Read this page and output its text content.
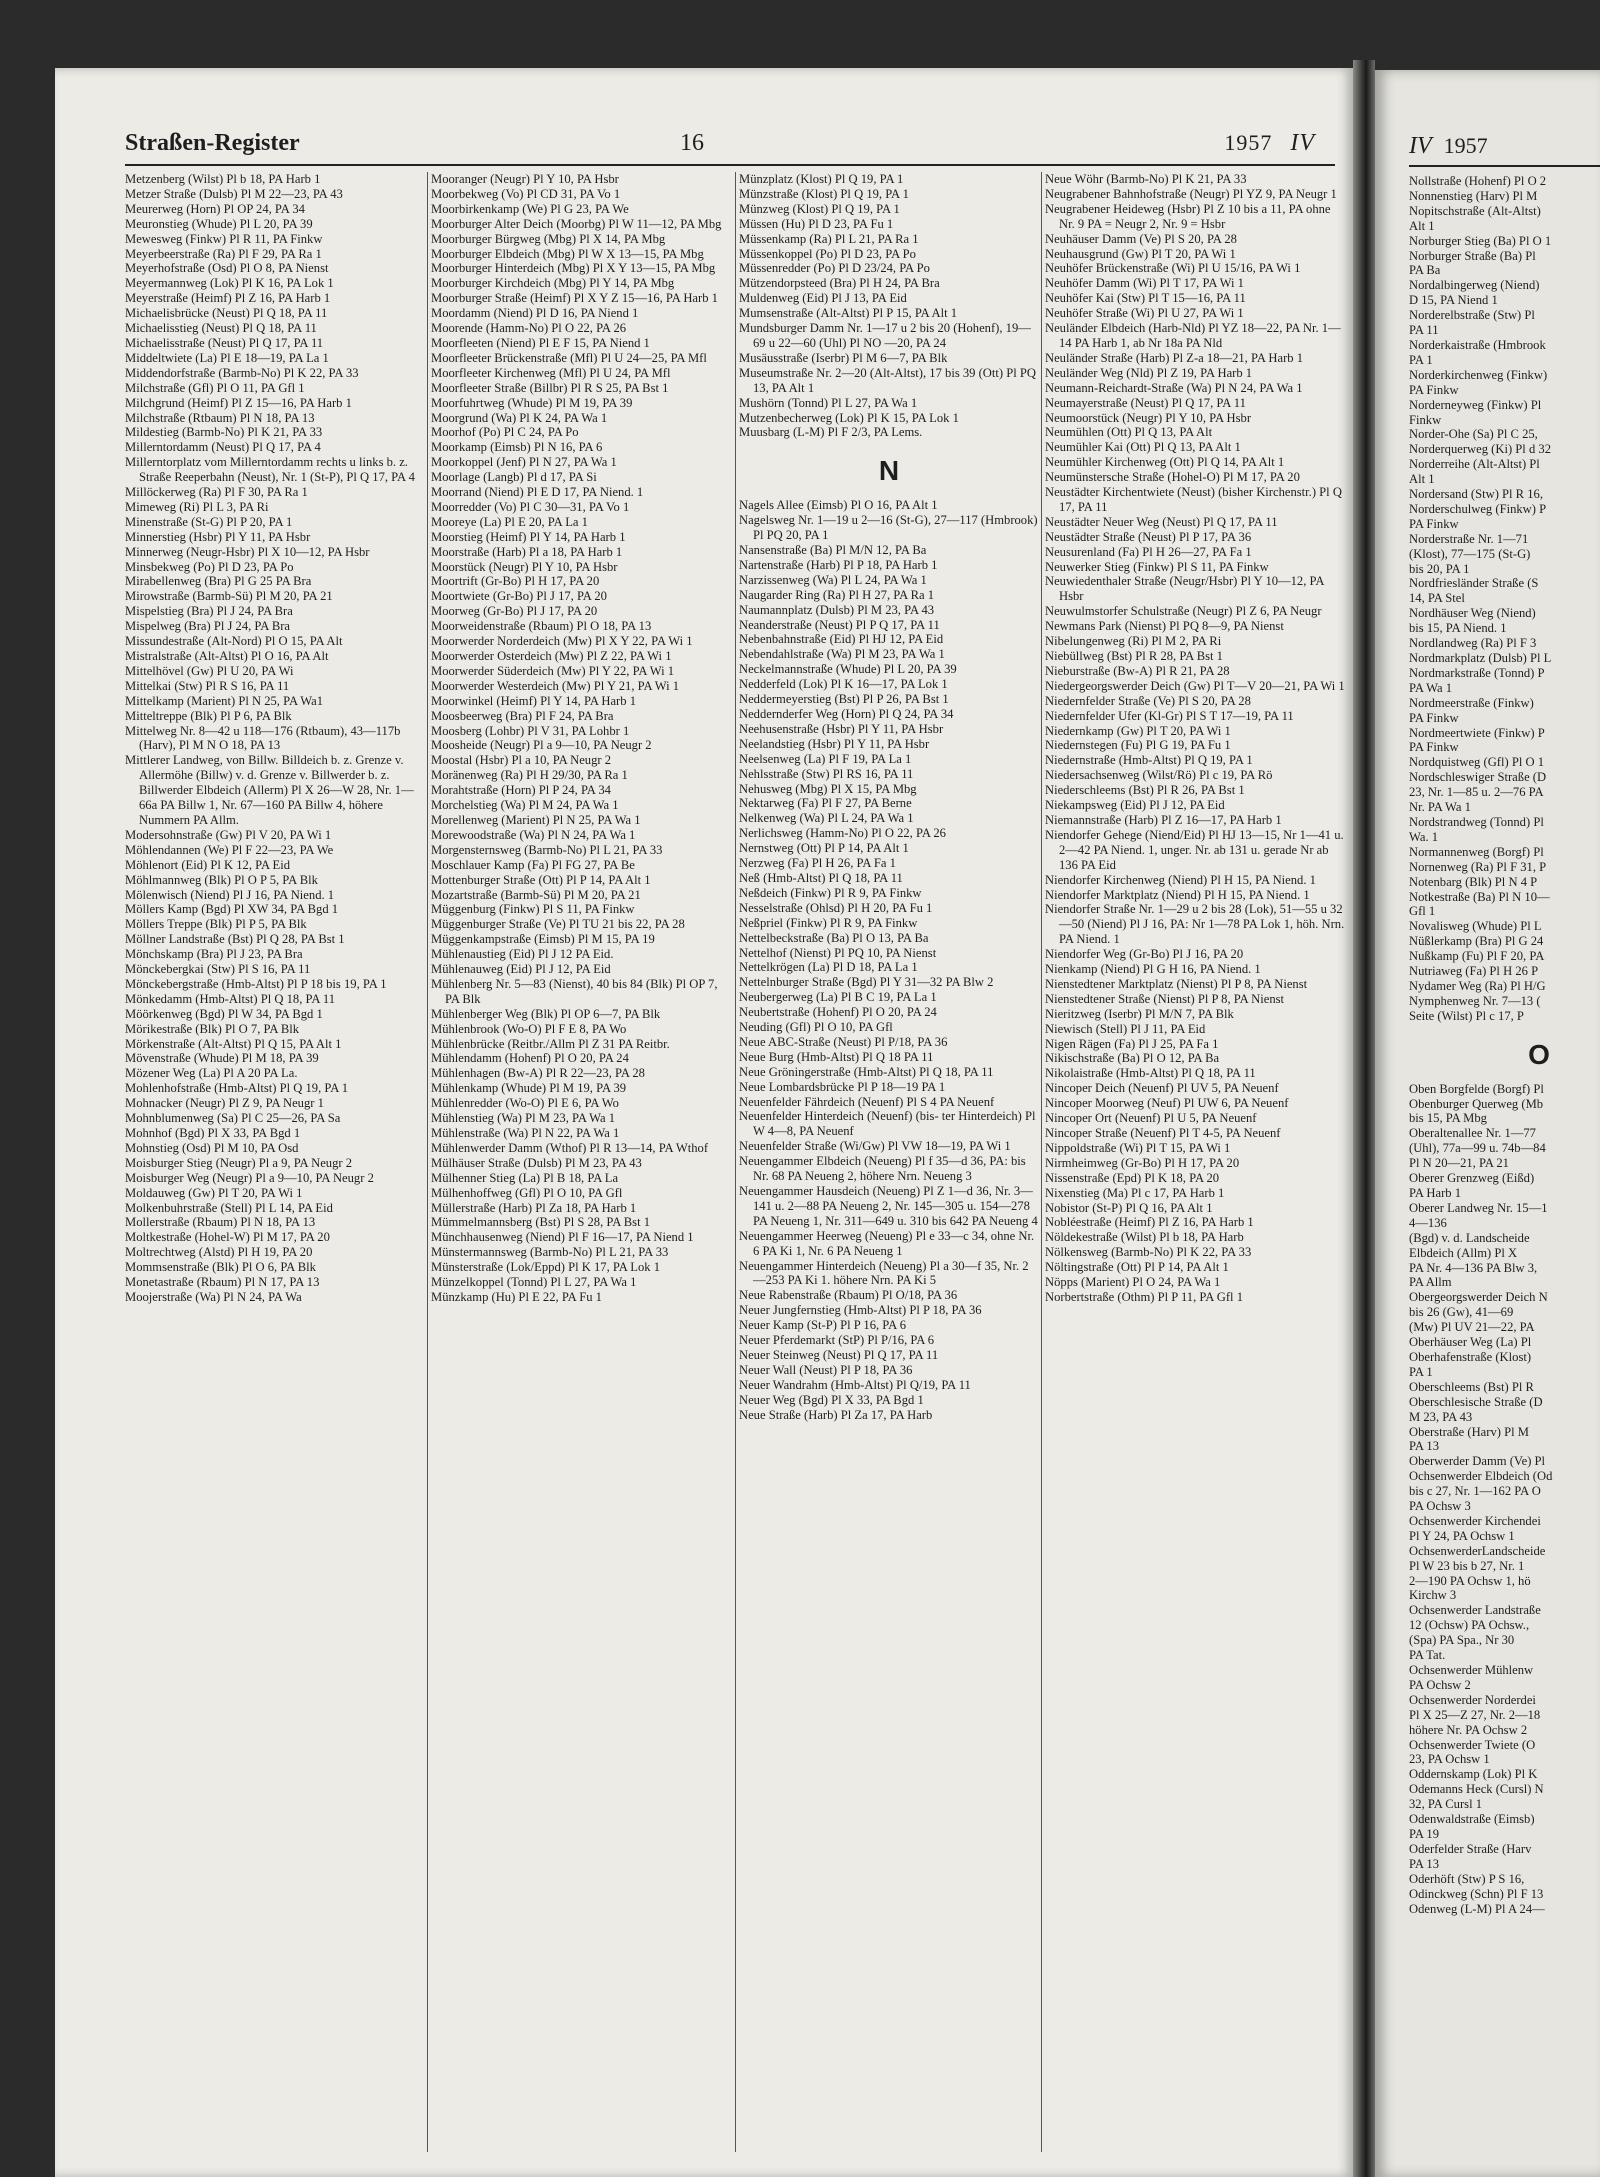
Straßen-Register	16	1957 IV
Metzenberg (Wilst) Pl b 18, PA Harb 1
Metzer Straße (Dulsb) Pl M 22—23, PA 43
Meurerweg (Horn) Pl OP 24, PA 34
Meuronstieg (Whude) Pl L 20, PA 39
Mewesweg (Finkw) Pl R 11, PA Finkw
Meyerbeerstraße (Ra) Pl F 29, PA Ra 1
Meyerhofstraße (Osd) Pl O 8, PA Nienst
Meyermannweg (Lok) Pl K 16, PA Lok 1
Meyerstraße (Heimf) Pl Z 16, PA Harb 1
Michaelisbrücke (Neust) Pl Q 18, PA 11
Michaelisstieg (Neust) Pl Q 18, PA 11
Michaelisstraße (Neust) Pl Q 17, PA 11
Middeltwiete (La) Pl E 18—19, PA La 1
Middendorfstraße (Barmb-No) Pl K 22, PA 33
Milchstraße (Gfl) Pl O 11, PA Gfl 1
Milchgrund (Heimf) Pl Z 15—16, PA Harb 1
Milchstraße (Rtbaum) Pl N 18, PA 13
Mildestieg (Barmb-No) Pl K 21, PA 33
Millerntordamm (Neust) Pl Q 17, PA 4
Millerntorplatz vom Millerntordamm rechts u links b. z. Straße Reeperbahn (Neust), Nr. 1 (St-P), Pl Q 17, PA 4
Millöckerweg (Ra) Pl F 30, PA Ra 1
Mimeweg (Ri) Pl L 3, PA Ri
Minenstraße (St-G) Pl P 20, PA 1
Minnerstieg (Hsbr) Pl Y 11, PA Hsbr
Minnerweg (Neugr-Hsbr) Pl X 10—12, PA Hsbr
Minsbekweg (Po) Pl D 23, PA Po
Mirabellenweg (Bra) Pl G 25 PA Bra
Mirowstraße (Barmb-Sü) Pl M 20, PA 21
Mispelstieg (Bra) Pl J 24, PA Bra
Mispelweg (Bra) Pl J 24, PA Bra
Missundestraße (Alt-Nord) Pl O 15, PA Alt
Mistralstraße (Alt-Altst) Pl O 16, PA Alt
Mittelhövel (Gw) Pl U 20, PA Wi
Mittelkai (Stw) Pl R S 16, PA 11
Mittelkamp (Marient) Pl N 25, PA Wa1
Mitteltreppe (Blk) Pl P 6, PA Blk
Mittelweg Nr. 8—42 u 118—176 (Rtbaum), 43—117b (Harv), Pl M N O 18, PA 13
Mittlerer Landweg, von Billw. Billdeich b. z. Grenze v. Allermöhe (Billw) v. d. Grenze v. Billwerder b. z. Billwerder Elbdeich (Allerm) Pl X 26—W 28, Nr. 1—66a PA Billw 1, Nr. 67—160 PA Billw 4, höhere Nummern PA Allm.
Modersohnstraße (Gw) Pl V 20, PA Wi 1
Möhlendannen (We) Pl F 22—23, PA We
Möhlenort (Eid) Pl K 12, PA Eid
Möhlmannweg (Blk) Pl O P 5, PA Blk
Mölenwisch (Niend) Pl J 16, PA Niend. 1
Möllers Kamp (Bgd) Pl XW 34, PA Bgd 1
Möllers Treppe (Blk) Pl P 5, PA Blk
Möllner Landstraße (Bst) Pl Q 28, PA Bst 1
Mönchskamp (Bra) Pl J 23, PA Bra
Mönckebergkai (Stw) Pl S 16, PA 11
Mönckebergstraße (Hmb-Altst) Pl P 18 bis 19, PA 1
Mönkedamm (Hmb-Altst) Pl Q 18, PA 11
Möörkenweg (Bgd) Pl W 34, PA Bgd 1
Mörikestraße (Blk) Pl O 7, PA Blk
Mörkenstraße (Alt-Altst) Pl Q 15, PA Alt 1
Mövenstraße (Whude) Pl M 18, PA 39
Mözener Weg (La) Pl A 20 PA La.
Mohlenhofstraße (Hmb-Altst) Pl Q 19, PA 1
Mohnacker (Neugr) Pl Z 9, PA Neugr 1
Mohnblumenweg (Sa) Pl C 25—26, PA Sa
Mohnhof (Bgd) Pl X 33, PA Bgd 1
Mohnstieg (Osd) Pl M 10, PA Osd
Moisburger Stieg (Neugr) Pl a 9, PA Neugr 2
Moisburger Weg (Neugr) Pl a 9—10, PA Neugr 2
Moldauweg (Gw) Pl T 20, PA Wi 1
Molkenbuhrstraße (Stell) Pl L 14, PA Eid
Mollerstraße (Rbaum) Pl N 18, PA 13
Moltkestraße (Hohel-W) Pl M 17, PA 20
Moltrechtweg (Alstd) Pl H 19, PA 20
Mommsenstraße (Blk) Pl O 6, PA Blk
Monetastraße (Rbaum) Pl N 17, PA 13
Moojerstraße (Wa) Pl N 24, PA Wa
Mooranger (Neugr) Pl Y 10, PA Hsbr
Moorbekweg (Vo) Pl CD 31, PA Vo 1
Moorbirkenkamp (We) Pl G 23, PA We
Moorburger Alter Deich (Moorbg) Pl W 11—12, PA Mbg
Moorburger Bürgweg (Mbg) Pl X 14, PA Mbg
Moorburger Elbdeich (Mbg) Pl W X 13—15, PA Mbg
Moorburger Hinterdeich (Mbg) Pl X Y 13—15, PA Mbg
Moorburger Kirchdeich (Mbg) Pl Y 14, PA Mbg
Moorburger Straße (Heimf) Pl X Y Z 15—16, PA Harb 1
Moordamm (Niend) Pl D 16, PA Niend 1
Moorende (Hamm-No) Pl O 22, PA 26
Moorfleeten (Niend) Pl E F 15, PA Niend 1
Moorfleeter Brückenstraße (Mfl) Pl U 24—25, PA Mfl
Moorfleeter Kirchenweg (Mfl) Pl U 24, PA Mfl
Moorfleeter Straße (Billbr) Pl R S 25, PA Bst 1
Moorfuhrtweg (Whude) Pl M 19, PA 39
Moorgrund (Wa) Pl K 24, PA Wa 1
Moorhof (Po) Pl C 24, PA Po
Moorkamp (Eimsb) Pl N 16, PA 6
Moorkoppel (Jenf) Pl N 27, PA Wa 1
Moorlage (Langb) Pl d 17, PA Si
Moorrand (Niend) Pl E D 17, PA Niend. 1
Moorredder (Vo) Pl C 30—31, PA Vo 1
Mooreye (La) Pl E 20, PA La 1
Moorstieg (Heimf) Pl Y 14, PA Harb 1
Moorstraße (Harb) Pl a 18, PA Harb 1
Moorstück (Neugr) Pl Y 10, PA Hsbr
Moortrift (Gr-Bo) Pl H 17, PA 20
Moortwiete (Gr-Bo) Pl J 17, PA 20
Moorweg (Gr-Bo) Pl J 17, PA 20
Moorweidenstraße (Rbaum) Pl O 18, PA 13
Moorwerder Norderdeich (Mw) Pl X Y 22, PA Wi 1
Moorwerder Osterdeich (Mw) Pl Z 22, PA Wi 1
Moorwerder Süderdeich (Mw) Pl Y 22, PA Wi 1
Moorwerder Westerdeich (Mw) Pl Y 21, PA Wi 1
Moorwinkel (Heimf) Pl Y 14, PA Harb 1
Moosbeerweg (Bra) Pl F 24, PA Bra
Moosberg (Lohbr) Pl V 31, PA Lohbr 1
Moosheide (Neugr) Pl a 9—10, PA Neugr 2
Moostal (Hsbr) Pl a 10, PA Neugr 2
Moränenweg (Ra) Pl H 29/30, PA Ra 1
Morahtstraße (Horn) Pl P 24, PA 34
Morchelstieg (Wa) Pl M 24, PA Wa 1
Morellenweg (Marient) Pl N 25, PA Wa 1
Morewoodstraße (Wa) Pl N 24, PA Wa 1
Morgensternsweg (Barmb-No) Pl L 21, PA 33
Moschlauer Kamp (Fa) Pl FG 27, PA Be
Mottenburger Straße (Ott) Pl P 14, PA Alt 1
Mozartstraße (Barmb-Sü) Pl M 20, PA 21
Müggenburg (Finkw) Pl S 11, PA Finkw
Müggenburger Straße (Ve) Pl TU 21 bis 22, PA 28
Müggenkampstraße (Eimsb) Pl M 15, PA 19
Mühlenaustieg (Eid) Pl J 12 PA Eid.
Mühlenauweg (Eid) Pl J 12, PA Eid
Mühlenberg Nr. 5—83 (Nienst), 40 bis 84 (Blk) Pl OP 7, PA Blk
Mühlenberger Weg (Blk) Pl OP 6—7, PA Blk
Mühlenbrook (Wo-O) Pl F E 8, PA Wo
Mühlenbrücke (Reitbr./Allm Pl Z 31 PA Reitbr.
Mühlendamm (Hohenf) Pl O 20, PA 24
Mühlenhagen (Bw-A) Pl R 22—23, PA 28
Mühlenkamp (Whude) Pl M 19, PA 39
Mühlenredder (Wo-O) Pl E 6, PA Wo
Mühlenstieg (Wa) Pl M 23, PA Wa 1
Mühlenstraße (Wa) Pl N 22, PA Wa 1
Mühlenwerder Damm (Wthof) Pl R 13—14, PA Wthof
Mülhäuser Straße (Dulsb) Pl M 23, PA 43
Mülhenner Stieg (La) Pl B 18, PA La
Mülhenhoffweg (Gfl) Pl O 10, PA Gfl
Müllerstraße (Harb) Pl Za 18, PA Harb 1
Mümmelmannsberg (Bst) Pl S 28, PA Bst 1
Münchhausenweg (Niend) Pl F 16—17, PA Niend 1
Münstermannsweg (Barmb-No) Pl L 21, PA 33
Münsterstraße (Lok/Eppd) Pl K 17, PA Lok 1
Münzelkoppel (Tonnd) Pl L 27, PA Wa 1
Münzkamp (Hu) Pl E 22, PA Fu 1
Münzplatz (Klost) Pl Q 19, PA 1
Münzstraße (Klost) Pl Q 19, PA 1
Münzweg (Klost) Pl Q 19, PA 1
Müssen (Hu) Pl D 23, PA Fu 1
Müssenkamp (Ra) Pl L 21, PA Ra 1
Müssenkoppel (Po) Pl D 23, PA Po
Müssenredder (Po) Pl D 23/24, PA Po
Mützendorpsteed (Bra) Pl H 24, PA Bra
Muldenweg (Eid) Pl J 13, PA Eid
Mumsenstraße (Alt-Altst) Pl P 15, PA Alt 1
Mundsburger Damm Nr. 1—17 u 2 bis 20 (Hohenf), 19—69 u 22—60 (Uhl) Pl NO —20, PA 24
Musäusstraße (Iserbr) Pl M 6—7, PA Blk
Museumstraße Nr. 2—20 (Alt-Altst), 17 bis 39 (Ott) Pl PQ 13, PA Alt 1
Mushörn (Tonnd) Pl L 27, PA Wa 1
Mutzenbecherweg (Lok) Pl K 15, PA Lok 1
Muusbarg (L-M) Pl F 2/3, PA Lems.
N
Nagels Allee (Eimsb) Pl O 16, PA Alt 1
Nagelsweg Nr. 1—19 u 2—16 (St-G), 27—117 (Hmbrook) Pl PQ 20, PA 1
Nansenstraße (Ba) Pl M/N 12, PA Ba
Nartenstraße (Harb) Pl P 18, PA Harb 1
Narzissenweg (Wa) Pl L 24, PA Wa 1
Naugarder Ring (Ra) Pl H 27, PA Ra 1
Naumannplatz (Dulsb) Pl M 23, PA 43
Neanderstraße (Neust) Pl P Q 17, PA 11
Nebenbahnstraße (Eid) Pl HJ 12, PA Eid
Nebendahlstraße (Wa) Pl M 23, PA Wa 1
Neckelmannstraße (Whude) Pl L 20, PA 39
Nedderfeld (Lok) Pl K 16—17, PA Lok 1
Neddermeyerstieg (Bst) Pl P 26, PA Bst 1
Neddernderfer Weg (Horn) Pl Q 24, PA 34
Neehusenstraße (Hsbr) Pl Y 11, PA Hsbr
Neelandstieg (Hsbr) Pl Y 11, PA Hsbr
Neelsenweg (La) Pl F 19, PA La 1
Nehlsstraße (Stw) Pl RS 16, PA 11
Nehusweg (Mbg) Pl X 15, PA Mbg
Nektarweg (Fa) Pl F 27, PA Berne
Nelkenweg (Wa) Pl L 24, PA Wa 1
Nerlichsweg (Hamm-No) Pl O 22, PA 26
Nernstweg (Ott) Pl P 14, PA Alt 1
Nerzweg (Fa) Pl H 26, PA Fa 1
Neß (Hmb-Altst) Pl Q 18, PA 11
Neßdeich (Finkw) Pl R 9, PA Finkw
Nesselstraße (Ohlsd) Pl H 20, PA Fu 1
Neßpriel (Finkw) Pl R 9, PA Finkw
Nettelbeckstraße (Ba) Pl O 13, PA Ba
Nettelhof (Nienst) Pl PQ 10, PA Nienst
Nettelkrögen (La) Pl D 18, PA La 1
Nettelnburger Straße (Bgd) Pl Y 31—32 PA Blw 2
Neubergerweg (La) Pl B C 19, PA La 1
Neubertstraße (Hohenf) Pl O 20, PA 24
Neuding (Gfl) Pl O 10, PA Gfl
Neue ABC-Straße (Neust) Pl P/18, PA 36
Neue Burg (Hmb-Altst) Pl Q 18 PA 11
Neue Gröningerstraße (Hmb-Altst) Pl Q 18, PA 11
Neue Lombardsbrücke Pl P 18—19 PA 1
Neuenfelder Fährdeich (Neuenf) Pl S 4 PA Neuenf
Neuenfelder Hinterdeich (Neuenf) (bis- ter Hinterdeich) Pl W 4—8, PA Neuenf
Neuenfelder Straße (Wi/Gw) Pl VW 18—19, PA Wi 1
Neuengammer Elbdeich (Neueng) Pl f 35—d 36, PA: bis Nr. 68 PA Neueng 2, höhere Nrn. Neueng 3
Neuengammer Hausdeich (Neueng) Pl Z 1—d 36, Nr. 3—141 u. 2—88 PA Neueng 2, Nr. 145—305 u. 154—278 PA Neueng 1, Nr. 311—649 u. 310 bis 642 PA Neueng 4
Neuengammer Heerweg (Neueng) Pl e 33—c 34, ohne Nr. 6 PA Ki 1, Nr. 6 PA Neueng 1
Neuengammer Hinterdeich (Neueng) Pl a 30—f 35, Nr. 2—253 PA Ki 1. höhere Nrn. PA Ki 5
Neue Rabenstraße (Rbaum) Pl O/18, PA 36
Neuer Jungfernstieg (Hmb-Altst) Pl P 18, PA 36
Neuer Kamp (St-P) Pl P 16, PA 6
Neuer Pferdemarkt (StP) Pl P/16, PA 6
Neuer Steinweg (Neust) Pl Q 17, PA 11
Neuer Wall (Neust) Pl P 18, PA 36
Neuer Wandrahm (Hmb-Altst) Pl Q/19, PA 11
Neuer Weg (Bgd) Pl X 33, PA Bgd 1
Neue Straße (Harb) Pl Za 17, PA Harb
Neue Wöhr (Barmb-No) Pl K 21, PA 33
Neugrabener Bahnhofstraße (Neugr) Pl YZ 9, PA Neugr 1
Neugrabener Heideweg (Hsbr) Pl Z 10 bis a 11, PA ohne Nr. 9 PA = Neugr 2, Nr. 9 = Hsbr
Neuhäuser Damm (Ve) Pl S 20, PA 28
Neuhausgrund (Gw) Pl T 20, PA Wi 1
Neuhöfer Brückenstraße (Wi) Pl U 15/16, PA Wi 1
Neuhöfer Damm (Wi) Pl T 17, PA Wi 1
Neuhöfer Kai (Stw) Pl T 15—16, PA 11
Neuhöfer Straße (Wi) Pl U 27, PA Wi 1
Neuländer Elbdeich (Harb-Nld) Pl YZ 18—22, PA Nr. 1—14 PA Harb 1, ab Nr 18a PA Nld
Neuländer Straße (Harb) Pl Z-a 18—21, PA Harb 1
Neuländer Weg (Nld) Pl Z 19, PA Harb 1
Neumann-Reichardt-Straße (Wa) Pl N 24, PA Wa 1
Neumayerstraße (Neust) Pl Q 17, PA 11
Neumoorstück (Neugr) Pl Y 10, PA Hsbr
Neumühlen (Ott) Pl Q 13, PA Alt
Neumühler Kai (Ott) Pl Q 13, PA Alt 1
Neumühler Kirchenweg (Ott) Pl Q 14, PA Alt 1
Neumünstersche Straße (Hohel-O) Pl M 17, PA 20
Neustädter Kirchentwiete (Neust) (bisher Kirchenstr.) Pl Q 17, PA 11
Neustädter Neuer Weg (Neust) Pl Q 17, PA 11
Neustädter Straße (Neust) Pl P 17, PA 36
Neusurenland (Fa) Pl H 26—27, PA Fa 1
Neuwerker Stieg (Finkw) Pl S 11, PA Finkw
Neuwiedenthaler Straße (Neugr/Hsbr) Pl Y 10—12, PA Hsbr
Neuwulmstorfer Schulstraße (Neugr) Pl Z 6, PA Neugr
Newmans Park (Nienst) Pl PQ 8—9, PA Nienst
Nibelungenweg (Ri) Pl M 2, PA Ri
Niebüllweg (Bst) Pl R 28, PA Bst 1
Nieburstraße (Bw-A) Pl R 21, PA 28
Niedergeorgswerder Deich (Gw) Pl T—V 20—21, PA Wi 1
Niedernfelder Straße (Ve) Pl S 20, PA 28
Niedernfelder Ufer (Kl-Gr) Pl S T 17—19, PA 11
Niedernkamp (Gw) Pl T 20, PA Wi 1
Niedernstegen (Fu) Pl G 19, PA Fu 1
Niedernstraße (Hmb-Altst) Pl Q 19, PA 1
Niedersachsenweg (Wilst/Rö) Pl c 19, PA Rö
Niederschleems (Bst) Pl R 26, PA Bst 1
Niekampsweg (Eid) Pl J 12, PA Eid
Niemannstraße (Harb) Pl Z 16—17, PA Harb 1
Niendorfer Gehege (Niend/Eid) Pl HJ 13—15, Nr 1—41 u. 2—42 PA Niend. 1, unger. Nr. ab 131 u. gerade Nr ab 136 PA Eid
Niendorfer Kirchenweg (Niend) Pl H 15, PA Niend. 1
Niendorfer Marktplatz (Niend) Pl H 15, PA Niend. 1
Niendorfer Straße Nr. 1—29 u 2 bis 28 (Lok), 51—55 u 32—50 (Niend) Pl J 16, PA: Nr 1—78 PA Lok 1, höh. Nrn. PA Niend. 1
Niendorfer Weg (Gr-Bo) Pl J 16, PA 20
Nienkamp (Niend) Pl G H 16, PA Niend. 1
Nienstedtener Marktplatz (Nienst) Pl P 8, PA Nienst
Nienstedtener Straße (Nienst) Pl P 8, PA Nienst
Nieritzweg (Iserbr) Pl M/N 7, PA Blk
Niewisch (Stell) Pl J 11, PA Eid
Nigen Rägen (Fa) Pl J 25, PA Fa 1
Nikischstraße (Ba) Pl O 12, PA Ba
Nikolaistraße (Hmb-Altst) Pl Q 18, PA 11
Nincoper Deich (Neuenf) Pl UV 5, PA Neuenf
Nincoper Moorweg (Neuf) Pl UW 6, PA Neuenf
Nincoper Ort (Neuenf) Pl U 5, PA Neuenf
Nincoper Straße (Neuenf) Pl T 4-5, PA Neuenf
Nippoldstraße (Wi) Pl T 15, PA Wi 1
Nirmheimweg (Gr-Bo) Pl H 17, PA 20
Nissenstraße (Epd) Pl K 18, PA 20
Nixenstieg (Ma) Pl c 17, PA Harb 1
Nobistor (St-P) Pl Q 16, PA Alt 1
Nobléestraße (Heimf) Pl Z 16, PA Harb 1
Nöldekestraße (Wilst) Pl b 18, PA Harb
Nölkensweg (Barmb-No) Pl K 22, PA 33
Nöltingstraße (Ott) Pl P 14, PA Alt 1
Nöpps (Marient) Pl O 24, PA Wa 1
Norbertstraße (Othm) Pl P 11, PA Gfl 1
IV 1957
Nollstraße (Hohenf) Pl O 2
Nonnenstieg (Harv) Pl M
Nopitschstraße (Alt-Altst)
Alt 1
Norburger Stieg (Ba) Pl O 1
Norburger Straße (Ba) Pl
PA Ba
Nordalbingerweg (Niend)
D 15, PA Niend 1
Norderelbstraße (Stw) Pl
PA 11
Norderkaistraße (Hmbrook
PA 1
Norderkirchenweg (Finkw)
PA Finkw
Norderneyweg (Finkw) Pl
Finkw
Norder-Ohe (Sa) Pl C 25,
Norderquerweg (Ki) Pl d 32
Norderreihe (Alt-Altst) Pl
Alt 1
Nordersand (Stw) Pl R 16,
Norderschulweg (Finkw) P
PA Finkw
Norderstraße Nr. 1—71
(Klost), 77—175 (St-G)
bis 20, PA 1
Nordfriesländer Straße (S
14, PA Stel
Nordhäuser Weg (Niend)
bis 15, PA Niend. 1
Nordlandweg (Ra) Pl F 3
Nordmarkplatz (Dulsb) Pl L
Nordmarkstraße (Tonnd) P
PA Wa 1
Nordmeerstraße (Finkw)
PA Finkw
Nordmeertwiete (Finkw) P
PA Finkw
Nordquistweg (Gfl) Pl O 1
Nordschleswiger Straße (D
23, Nr. 1—85 u. 2—76 PA
Nr. PA Wa 1
Nordstrandweg (Tonnd) Pl
Wa. 1
Normannenweg (Borgf) Pl
Nornenweg (Ra) Pl F 31, P
Notenbarg (Blk) Pl N 4 P
Notkestraße (Ba) Pl N 10—
Gfl 1
Novalisweg (Whude) Pl L
Nüßlerkamp (Bra) Pl G 24
Nußkamp (Fu) Pl F 20, PA
Nutriaweg (Fa) Pl H 26 P
Nydamer Weg (Ra) Pl H/G
Nymphenweg Nr. 7—13 (
Seite (Wilst) Pl c 17, P
O
Oben Borgfelde (Borgf) Pl
Obenburger Querweg (Mb
bis 15, PA Mbg
Oberaltenallee Nr. 1—77
(Uhl), 77a—99 u. 74b—84
Pl N 20—21, PA 21
Oberer Grenzweg (Eißd)
PA Harb 1
Oberer Landweg Nr. 15—1
4—136
(Bgd) v. d. Landscheide
Elbdeich (Allm) Pl X
PA Nr. 4—136 PA Blw 3,
PA Allm
Obergeorgswerder Deich N
bis 26 (Gw), 41—69
(Mw) Pl UV 21—22, PA
Oberhäuser Weg (La) Pl
Oberhafenstraße (Klost)
PA 1
Oberschleems (Bst) Pl R
Oberschlesische Straße (D
M 23, PA 43
Oberstraße (Harv) Pl M
PA 13
Oberwerder Damm (Ve) Pl
Ochsenwerder Elbdeich (Od
bis c 27, Nr. 1—162 PA O
PA Ochsw 3
Ochsenwerder Kirchendei
Pl Y 24, PA Ochsw 1
OchsenwerderLandscheide
Pl W 23 bis b 27, Nr. 1
2—190 PA Ochsw 1, hö
Kirchw 3
Ochsenwerder Landstraße
12 (Ochsw) PA Ochsw.,
(Spa) PA Spa., Nr 30
PA Tat.
Ochsenwerder Mühlenw
PA Ochsw 2
Ochsenwerder Norderdei
Pl X 25—Z 27, Nr. 2—18
höhere Nr. PA Ochsw 2
Ochsenwerder Twiete (O
23, PA Ochsw 1
Oddernskamp (Lok) Pl K
Odemanns Heck (Cursl) N
32, PA Cursl 1
Odenwaldstraße (Eimsb)
PA 19
Oderfelder Straße (Harv
PA 13
Oderhöft (Stw) P S 16,
Odinckweg (Schn) Pl F 13
Odenweg (L-M) Pl A 24—
